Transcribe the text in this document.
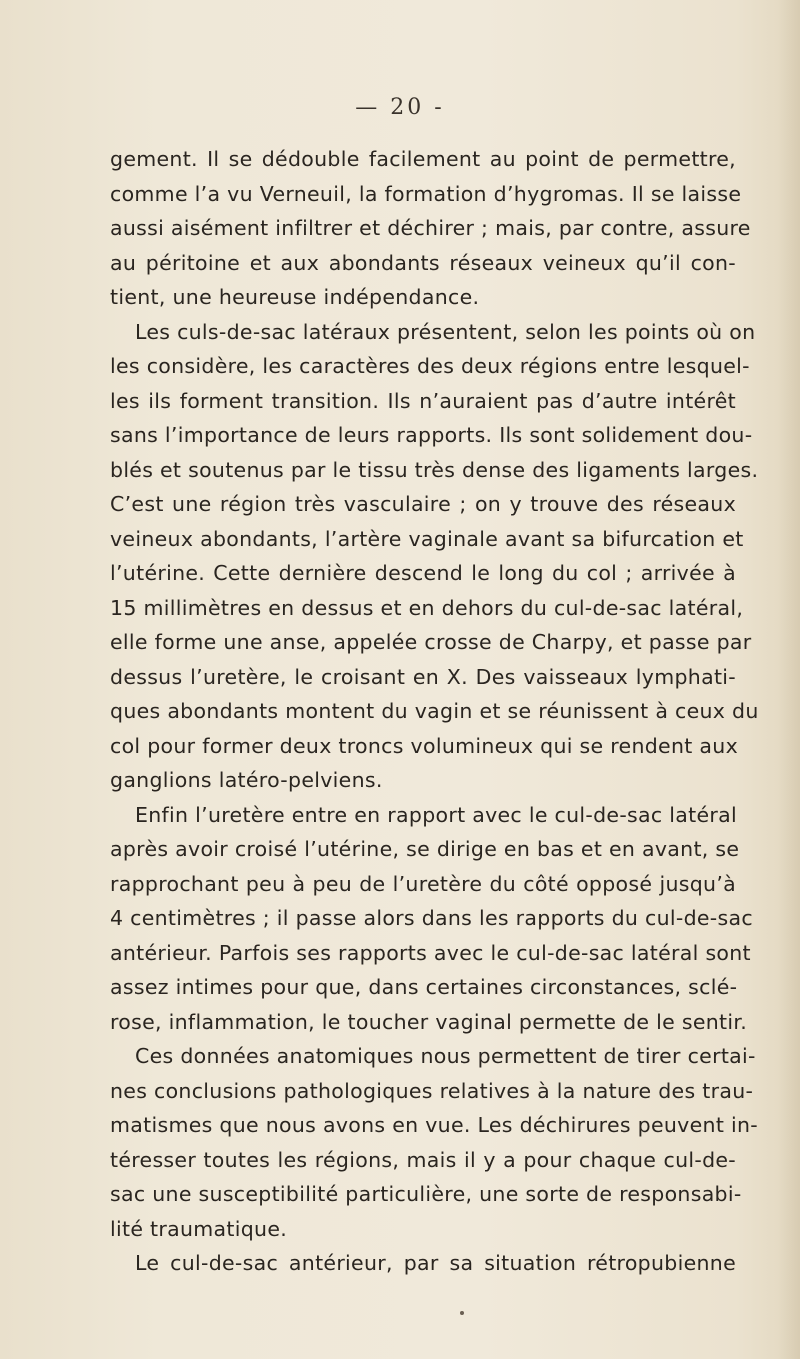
— 20 -
gement. Il se dédouble facilement au point de permettre,
comme l’a vu Verneuil, la formation d’hygromas. Il se laisse
aussi aisément infiltrer et déchirer ; mais, par contre, assure
au péritoine et aux abondants réseaux veineux qu’il con-
tient, une heureuse indépendance.
Les culs-de-sac latéraux présentent, selon les points où on
les considère, les caractères des deux régions entre lesquel-
les ils forment transition. Ils n’auraient pas d’autre intérêt
sans l’importance de leurs rapports. Ils sont solidement dou-
blés et soutenus par le tissu très dense des ligaments larges.
C’est une région très vasculaire ; on y trouve des réseaux
veineux abondants, l’artère vaginale avant sa bifurcation et
l’utérine. Cette dernière descend le long du col ; arrivée à
15 millimètres en dessus et en dehors du cul-de-sac latéral,
elle forme une anse, appelée crosse de Charpy, et passe par
dessus l’uretère, le croisant en X. Des vaisseaux lymphati-
ques abondants montent du vagin et se réunissent à ceux du
col pour former deux troncs volumineux qui se rendent aux
ganglions latéro-pelviens.
Enfin l’uretère entre en rapport avec le cul-de-sac latéral
après avoir croisé l’utérine, se dirige en bas et en avant, se
rapprochant peu à peu de l’uretère du côté opposé jusqu’à
4 centimètres ; il passe alors dans les rapports du cul-de-sac
antérieur. Parfois ses rapports avec le cul-de-sac latéral sont
assez intimes pour que, dans certaines circonstances, sclé-
rose, inflammation, le toucher vaginal permette de le sentir.
Ces données anatomiques nous permettent de tirer certai-
nes conclusions pathologiques relatives à la nature des trau-
matismes que nous avons en vue. Les déchirures peuvent in-
téresser toutes les régions, mais il y a pour chaque cul-de-
sac une susceptibilité particulière, une sorte de responsabi-
lité traumatique.
Le cul-de-sac antérieur, par sa situation rétropubienne
